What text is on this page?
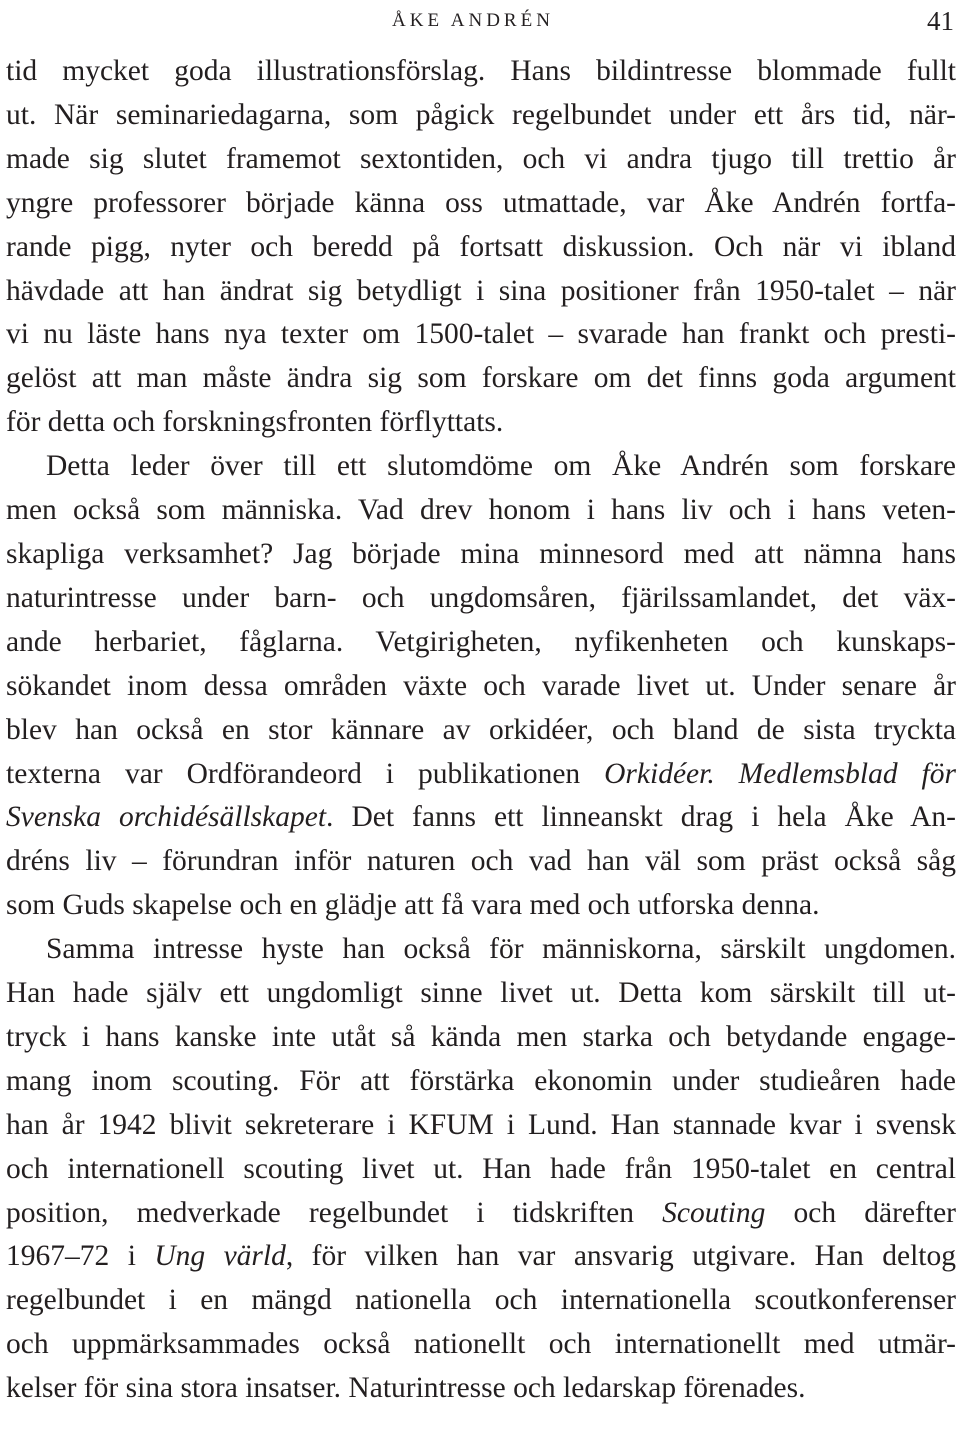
ÅKE ANDRÉN	41
tid mycket goda illustrationsförslag. Hans bildintresse blommade fullt
ut. När seminariedagarna, som pågick regelbundet under ett års tid, när-
made sig slutet framemot sextontiden, och vi andra tjugo till trettio år
yngre professorer började känna oss utmattade, var Åke Andrén fortfa-
rande pigg, nyter och beredd på fortsatt diskussion. Och när vi ibland
hävdade att han ändrat sig betydligt i sina positioner från 1950-talet – när
vi nu läste hans nya texter om 1500-talet – svarade han frankt och presti-
gelöst att man måste ändra sig som forskare om det finns goda argument
för detta och forskningsfronten förflyttats.
Detta leder över till ett slutomdöme om Åke Andrén som forskare
men också som människa. Vad drev honom i hans liv och i hans veten-
skapliga verksamhet? Jag började mina minnesord med att nämna hans
naturintresse under barn- och ungdomsåren, fjärilssamlandet, det väx-
ande herbariet, fåglarna. Vetgirigheten, nyfikenheten och kunskaps-
sökandet inom dessa områden växte och varade livet ut. Under senare år
blev han också en stor kännare av orkidéer, och bland de sista tryckta
texterna var Ordförandeord i publikationen Orkidéer. Medlemsblad för
Svenska orchidésällskapet. Det fanns ett linneanskt drag i hela Åke An-
dréns liv – förundran inför naturen och vad han väl som präst också såg
som Guds skapelse och en glädje att få vara med och utforska denna.
Samma intresse hyste han också för människorna, särskilt ungdomen.
Han hade själv ett ungdomligt sinne livet ut. Detta kom särskilt till ut-
tryck i hans kanske inte utåt så kända men starka och betydande engage-
mang inom scouting. För att förstärka ekonomin under studieåren hade
han år 1942 blivit sekreterare i KFUM i Lund. Han stannade kvar i svensk
och internationell scouting livet ut. Han hade från 1950-talet en central
position, medverkade regelbundet i tidskriften Scouting och därefter
1967–72 i Ung värld, för vilken han var ansvarig utgivare. Han deltog
regelbundet i en mängd nationella och internationella scoutkonferenser
och uppmärksammades också nationellt och internationellt med utmär-
kelser för sina stora insatser. Naturintresse och ledarskap förenades.
